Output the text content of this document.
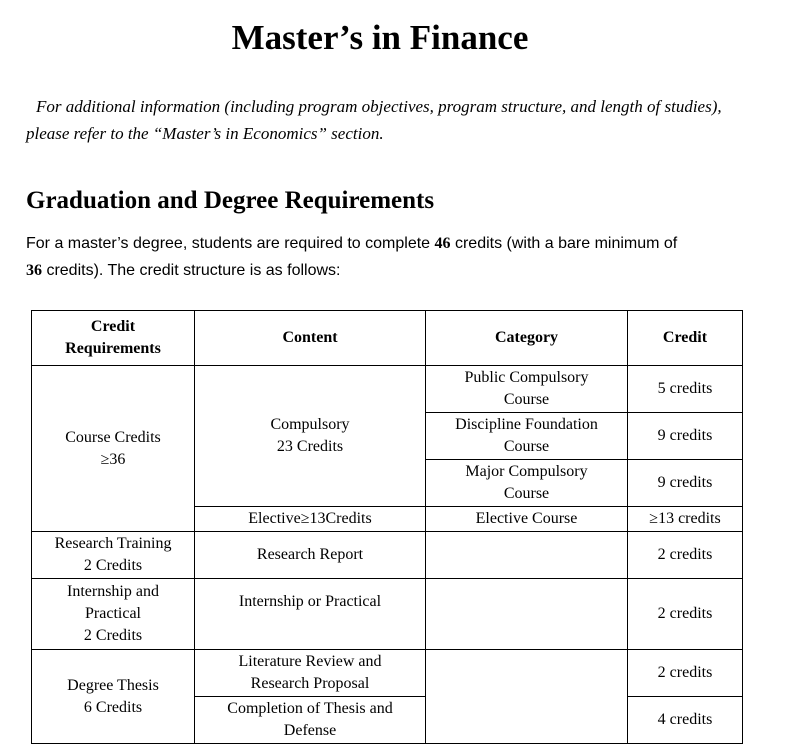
Master’s in Finance

For additional information (including program objectives, program structure, and length of studies), please refer to the “Master’s in Economics” section.

Graduation and Degree Requirements

For a master’s degree, students are required to complete 46 credits (with a bare minimum of
36 credits). The credit structure is as follows:

Credit
Requirements	Content	Category	Credit

Course Credits
≥36	Compulsory
23 Credits	Public Compulsory
Course	5 credits

		Discipline Foundation
Course	9 credits

		Major Compulsory
Course	9 credits
	Elective≥13Credits	Elective Course	≥13 credits

Research Training
2 Credits	Research Report		2 credits

Internship and
Practical
2 Credits	Internship or Practical		2 credits

Degree Thesis
6 Credits	Literature Review and
Research Proposal		2 credits

	Completion of Thesis and
Defense		4 credits
